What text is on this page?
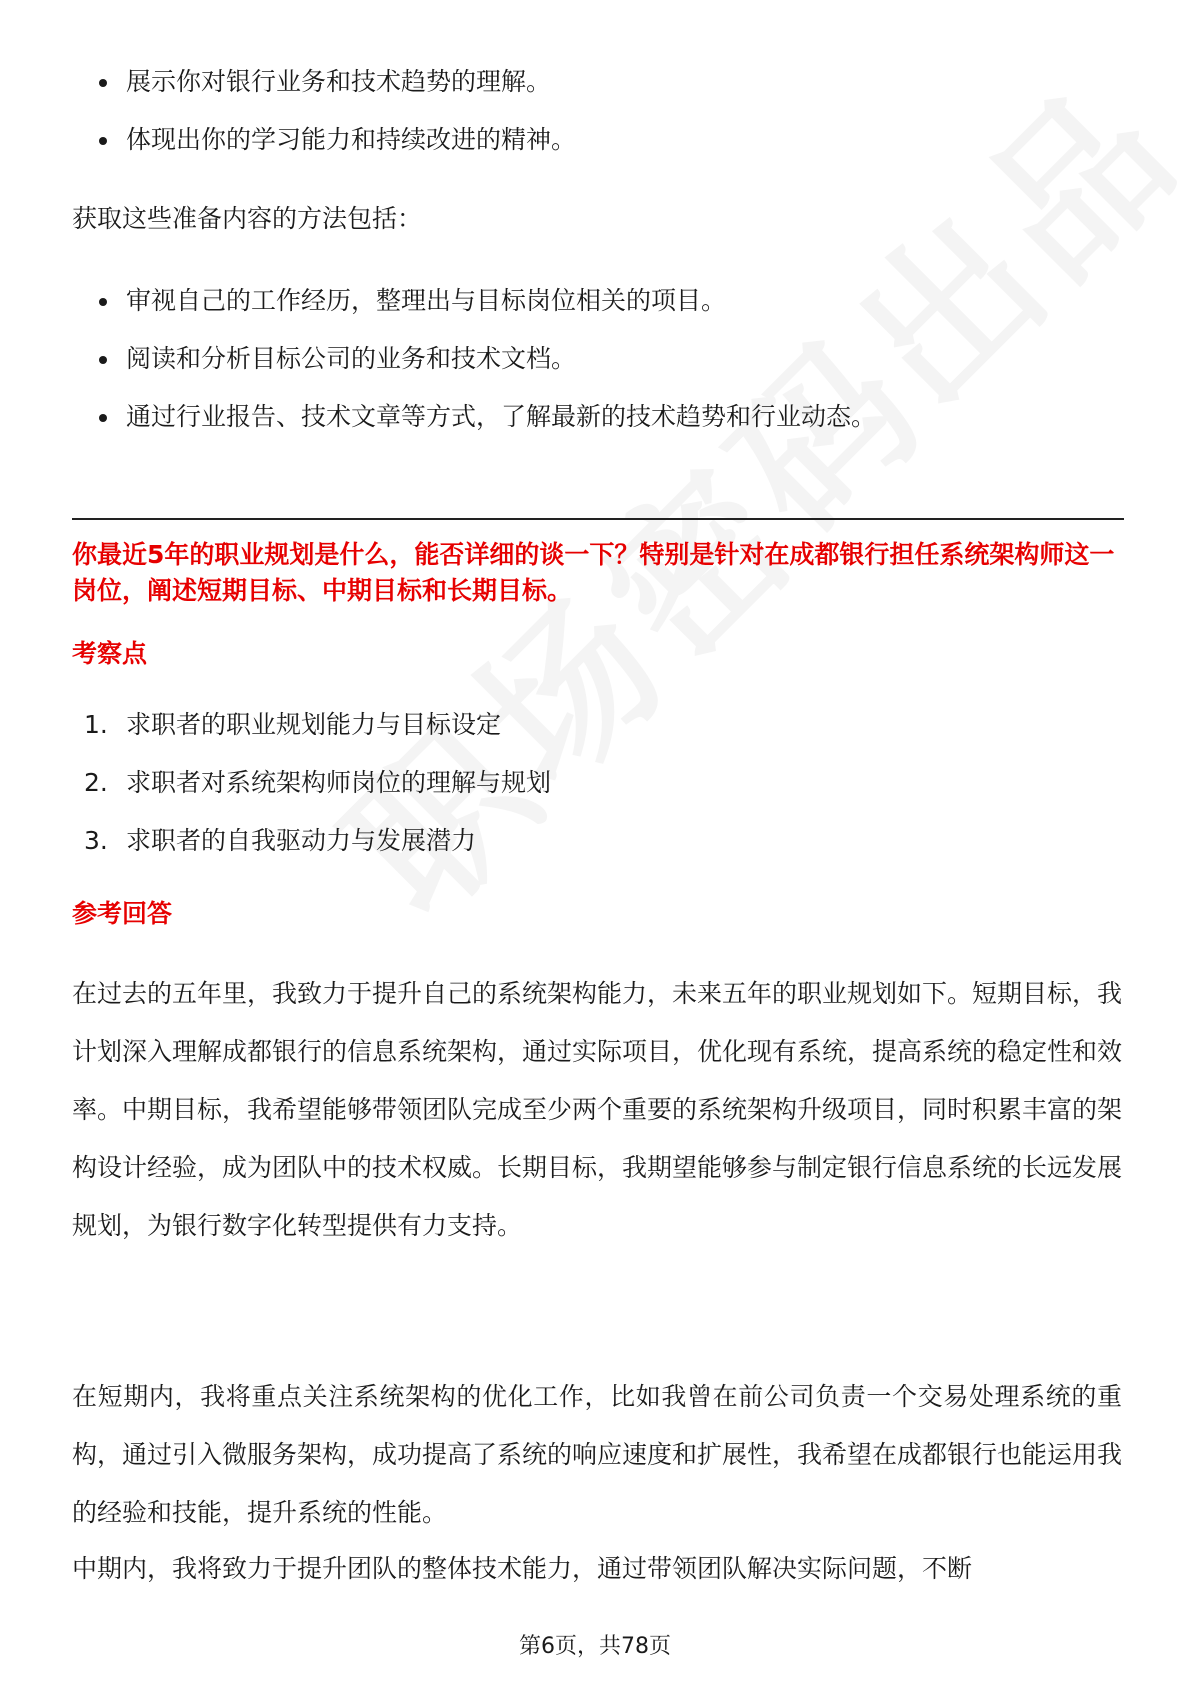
展示你对银行业务和技术趋势的理解。
体现出你的学习能力和持续改进的精神。
获取这些准备内容的方法包括：
审视自己的工作经历，整理出与目标岗位相关的项目。
阅读和分析目标公司的业务和技术文档。
通过行业报告、技术文章等方式，了解最新的技术趋势和行业动态。
你最近5年的职业规划是什么，能否详细的谈一下？特别是针对在成都银行担任系统架构师这一岗位，阐述短期目标、中期目标和长期目标。
考察点
1. 求职者的职业规划能力与目标设定
2. 求职者对系统架构师岗位的理解与规划
3. 求职者的自我驱动力与发展潜力
参考回答

在过去的五年里，我致力于提升自己的系统架构能力，未来五年的职业规划如下。短期目标，我计划深入理解成都银行的信息系统架构，通过实际项目，优化现有系统，提高系统的稳定性和效率。中期目标，我希望能够带领团队完成至少两个重要的系统架构升级项目，同时积累丰富的架构设计经验，成为团队中的技术权威。长期目标，我期望能够参与制定银行信息系统的长远发展规划，为银行数字化转型提供有力支持。

在短期内，我将重点关注系统架构的优化工作，比如我曾在前公司负责一个交易处理系统的重构，通过引入微服务架构，成功提高了系统的响应速度和扩展性，我希望在成都银行也能运用我的经验和技能，提升系统的性能。

中期内，我将致力于提升团队的整体技术能力，通过带领团队解决实际问题，不断

第6页，共78页
